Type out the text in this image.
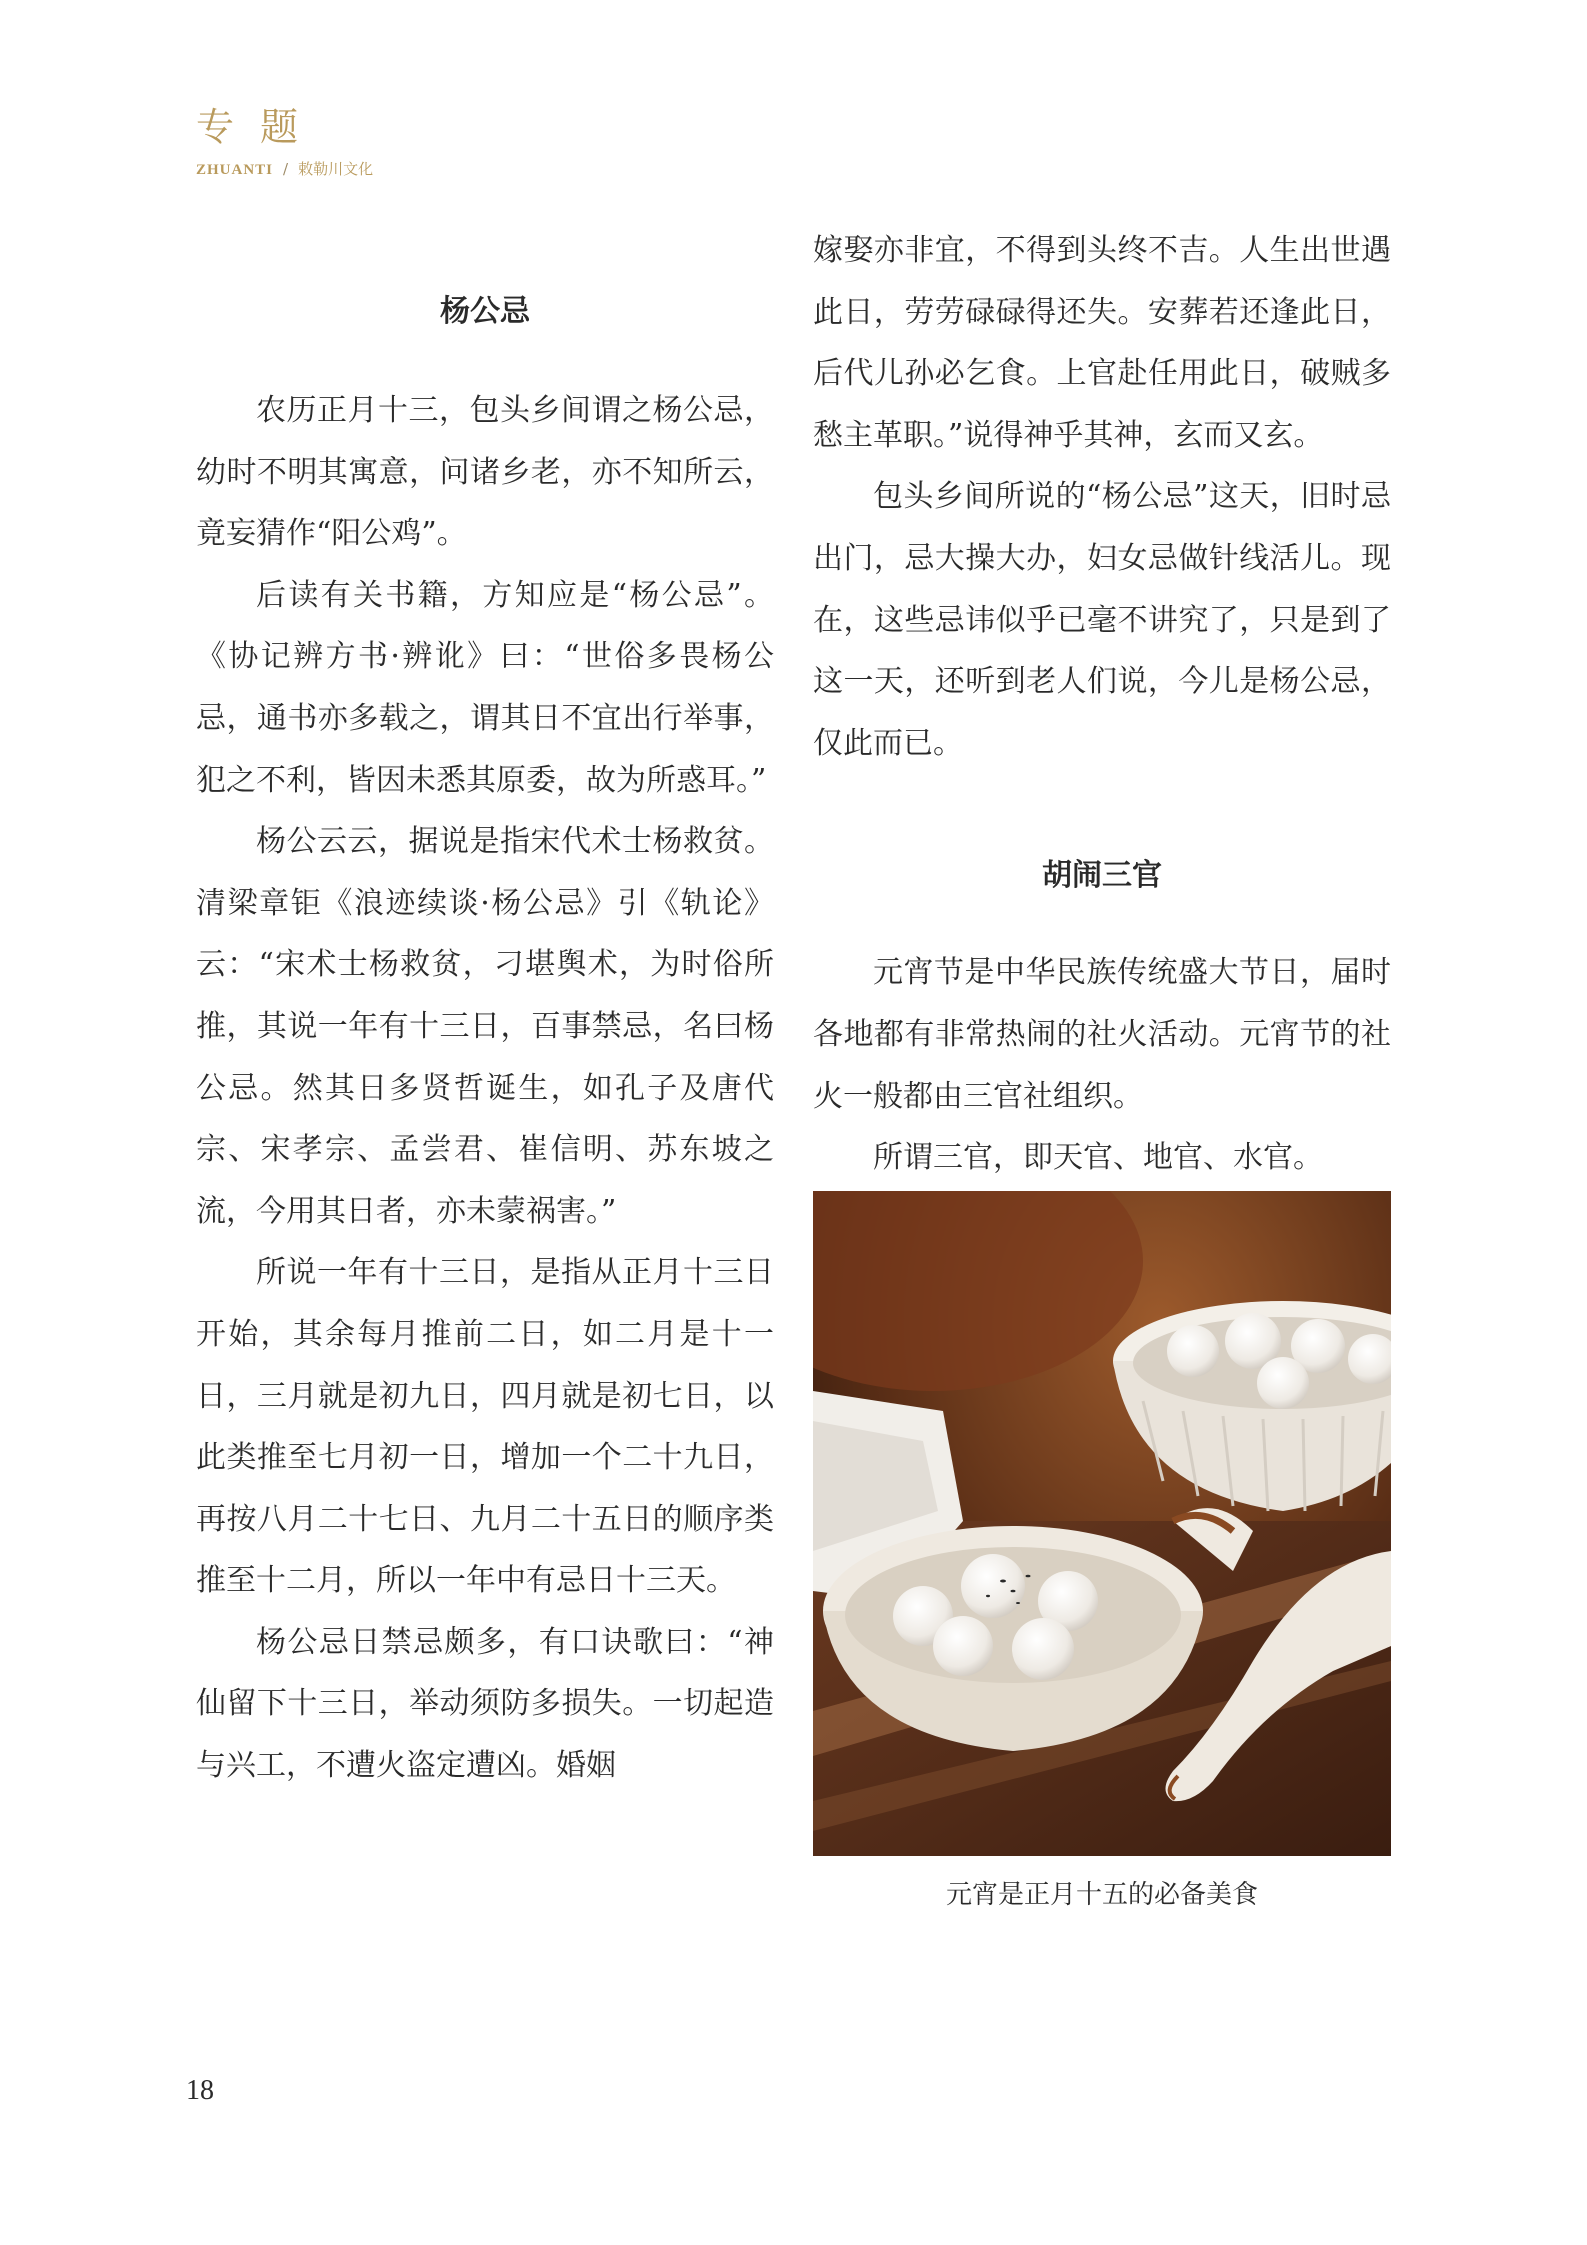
专题
ZHUANTI / 敕勒川文化
杨公忌

农历正月十三，包头乡间谓之杨公忌，幼时不明其寓意，问诸乡老，亦不知所云，竟妄猜作“阳公鸡”。

后读有关书籍，方知应是“杨公忌”。《协记辨方书·辨讹》曰：“世俗多畏杨公忌，通书亦多载之，谓其日不宜出行举事，犯之不利，皆因未悉其原委，故为所惑耳。”

杨公云云，据说是指宋代术士杨救贫。清梁章钜《浪迹续谈·杨公忌》引《轨论》云：“宋术士杨救贫，刁堪舆术，为时俗所推，其说一年有十三日，百事禁忌，名曰杨公忌。然其日多贤哲诞生，如孔子及唐代宗、宋孝宗、孟尝君、崔信明、苏东坡之流，今用其日者，亦未蒙祸害。”

所说一年有十三日，是指从正月十三日开始，其余每月推前二日，如二月是十一日，三月就是初九日，四月就是初七日，以此类推至七月初一日，增加一个二十九日，再按八月二十七日、九月二十五日的顺序类推至十二月，所以一年中有忌日十三天。

杨公忌日禁忌颇多，有口诀歌曰：“神仙留下十三日，举动须防多损失。一切起造与兴工，不遭火盗定遭凶。婚姻

嫁娶亦非宜，不得到头终不吉。人生出世遇此日，劳劳碌碌得还失。安葬若还逢此日，后代儿孙必乞食。上官赴任用此日，破贼多愁主革职。”说得神乎其神，玄而又玄。

包头乡间所说的“杨公忌”这天，旧时忌出门，忌大操大办，妇女忌做针线活儿。现在，这些忌讳似乎已毫不讲究了，只是到了这一天，还听到老人们说，今儿是杨公忌，仅此而已。

胡闹三官

元宵节是中华民族传统盛大节日，届时各地都有非常热闹的社火活动。元宵节的社火一般都由三官社组织。

所谓三官，即天官、地官、水官。

元宵是正月十五的必备美食
18
